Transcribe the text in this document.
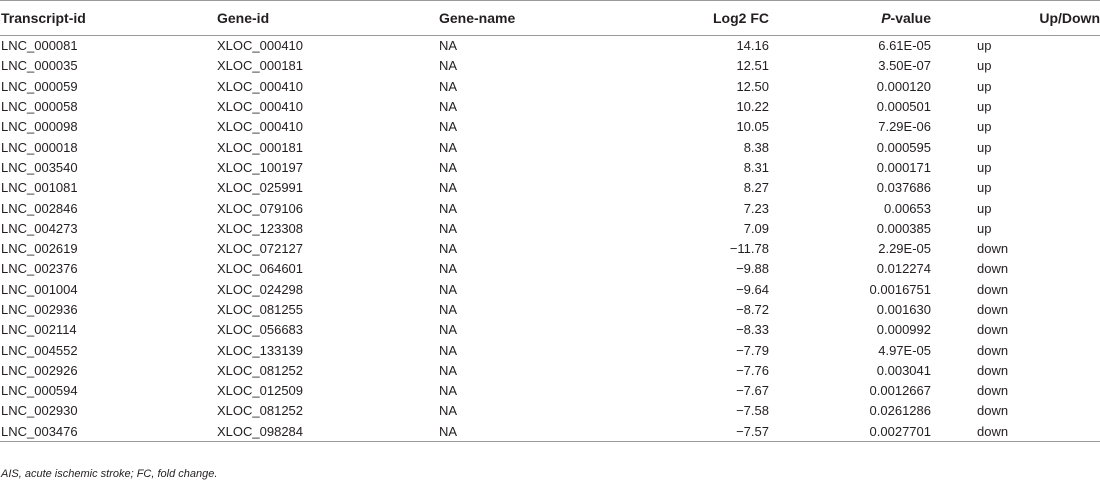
Transcript-id	Gene-id	Gene-name	Log2 FC	P-value	Up/Down
LNC_000081	XLOC_000410	NA	14.16	6.61E-05	up
LNC_000035	XLOC_000181	NA	12.51	3.50E-07	up
LNC_000059	XLOC_000410	NA	12.50	0.000120	up
LNC_000058	XLOC_000410	NA	10.22	0.000501	up
LNC_000098	XLOC_000410	NA	10.05	7.29E-06	up
LNC_000018	XLOC_000181	NA	8.38	0.000595	up
LNC_003540	XLOC_100197	NA	8.31	0.000171	up
LNC_001081	XLOC_025991	NA	8.27	0.037686	up
LNC_002846	XLOC_079106	NA	7.23	0.00653	up
LNC_004273	XLOC_123308	NA	7.09	0.000385	up
LNC_002619	XLOC_072127	NA	−11.78	2.29E-05	down
LNC_002376	XLOC_064601	NA	−9.88	0.012274	down
LNC_001004	XLOC_024298	NA	−9.64	0.0016751	down
LNC_002936	XLOC_081255	NA	−8.72	0.001630	down
LNC_002114	XLOC_056683	NA	−8.33	0.000992	down
LNC_004552	XLOC_133139	NA	−7.79	4.97E-05	down
LNC_002926	XLOC_081252	NA	−7.76	0.003041	down
LNC_000594	XLOC_012509	NA	−7.67	0.0012667	down
LNC_002930	XLOC_081252	NA	−7.58	0.0261286	down
LNC_003476	XLOC_098284	NA	−7.57	0.0027701	down
AIS, acute ischemic stroke; FC, fold change.
